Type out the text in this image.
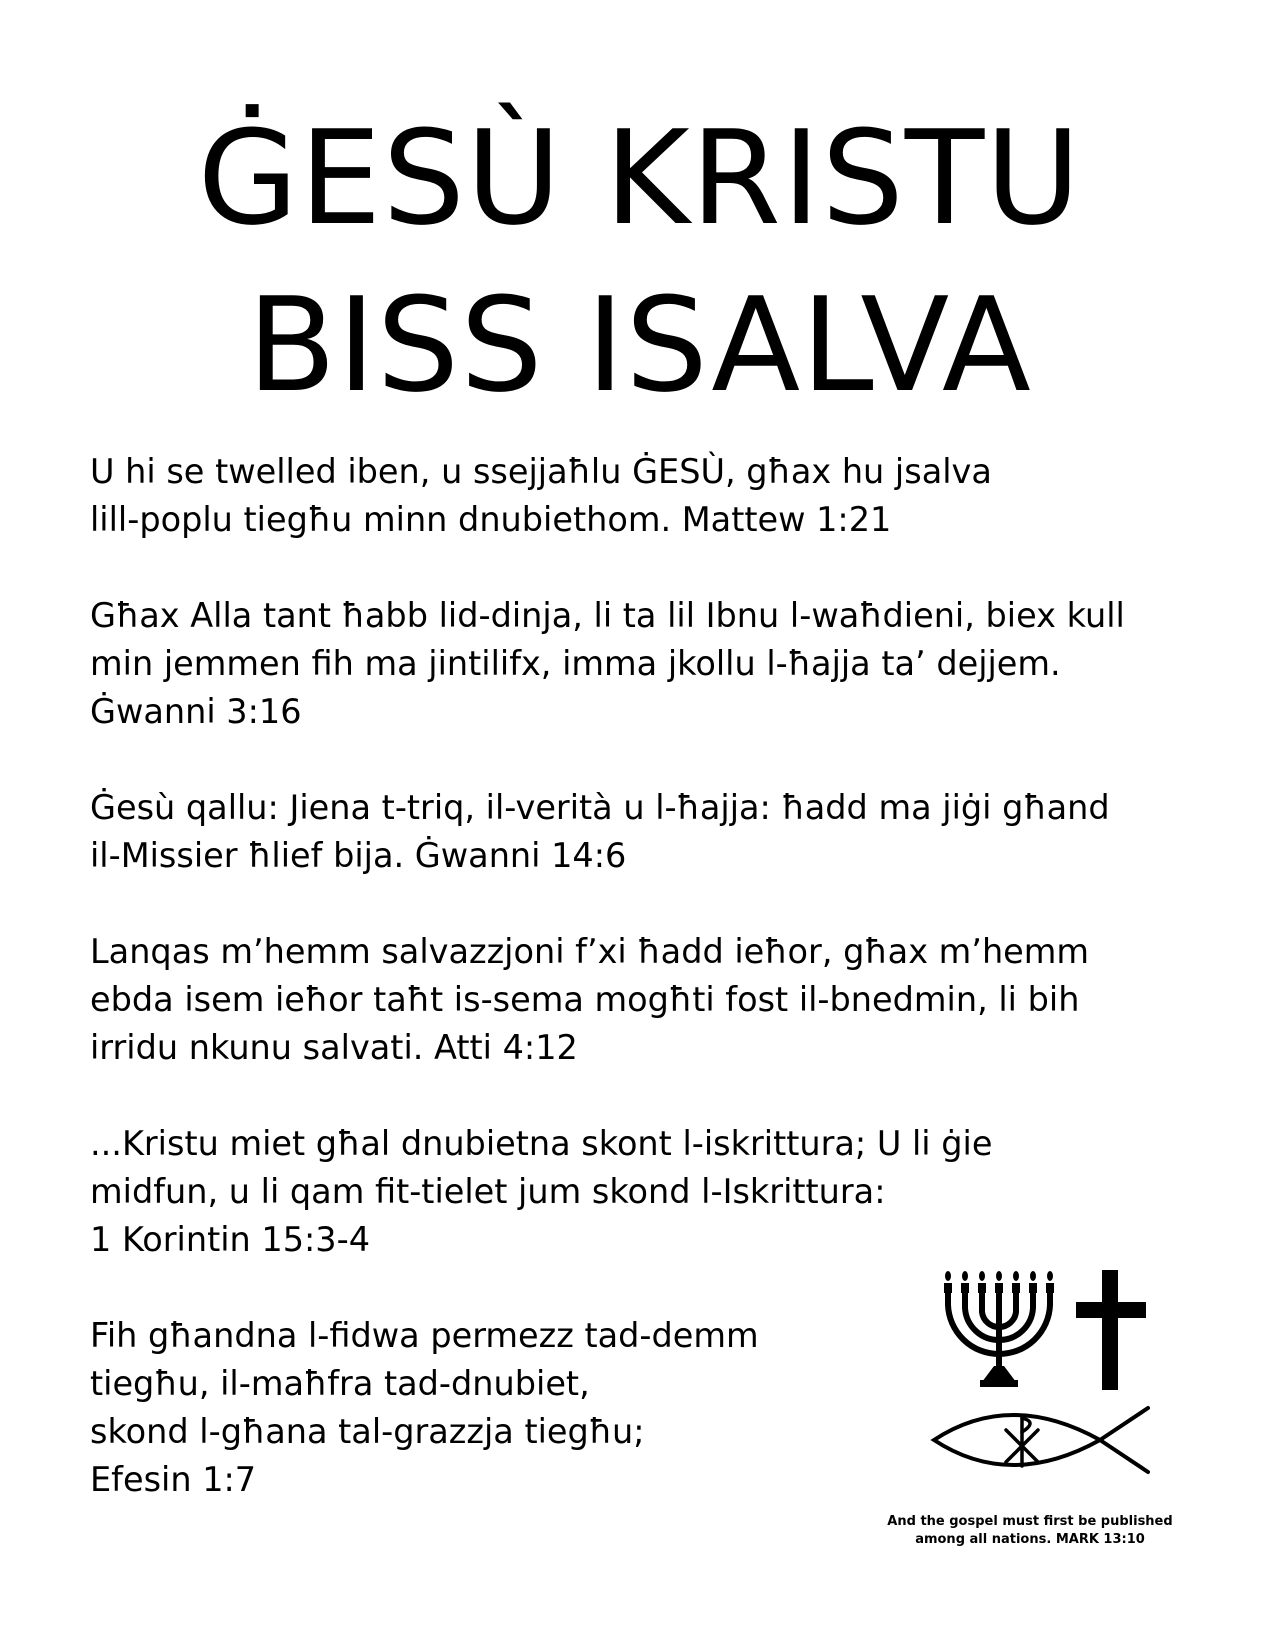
ĠESÙ KRISTU
BISS ISALVA

U hi se twelled iben, u ssejjaħlu ĠESÙ, għax hu jsalva
lill-poplu tiegħu minn dnubiethom. Mattew 1:21

Għax Alla tant ħabb lid-dinja, li ta lil Ibnu l-waħdieni, biex kull
min jemmen fih ma jintilifx, imma jkollu l-ħajja ta’ dejjem.
Ġwanni 3:16

Ġesù qallu: Jiena t-triq, il-verità u l-ħajja: ħadd ma jiġi għand
il-Missier ħlief bija. Ġwanni 14:6

Lanqas m’hemm salvazzjoni f’xi ħadd ieħor, għax m’hemm
ebda isem ieħor taħt is-sema mogħti fost il-bnedmin, li bih
irridu nkunu salvati. Atti 4:12

...Kristu miet għal dnubietna skont l-iskrittura; U li ġie
midfun, u li qam fit-tielet jum skond l-Iskrittura:
1 Korintin 15:3-4

Fih għandna l-fidwa permezz tad-demm
tiegħu, il-maħfra tad-dnubiet,
skond l-għana tal-grazzja tiegħu;
Efesin 1:7

And the gospel must first be published
among all nations. MARK 13:10
